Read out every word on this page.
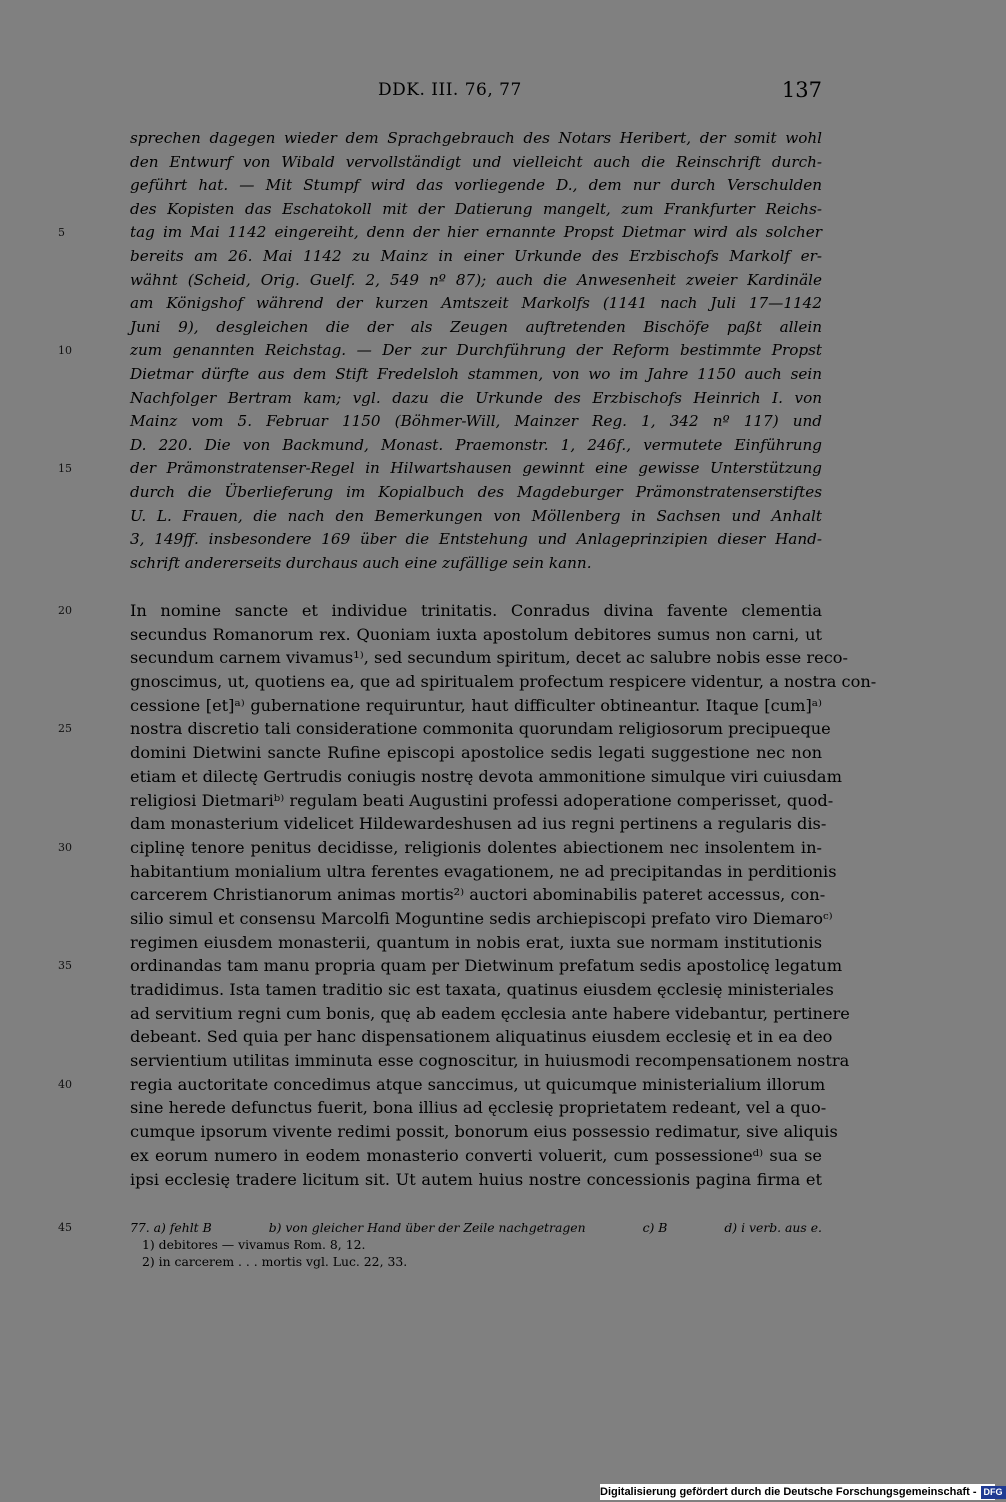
DDK. III. 76, 77	137
sprechen dagegen wieder dem Sprachgebrauch des Notars Heribert, der somit wohl
den Entwurf von Wibald vervollständigt und vielleicht auch die Reinschrift durch-
geführt hat. — Mit Stumpf wird das vorliegende D., dem nur durch Verschulden
des Kopisten das Eschatokoll mit der Datierung mangelt, zum Frankfurter Reichs-
5	tag im Mai 1142 eingereiht, denn der hier ernannte Propst Dietmar wird als solcher
bereits am 26. Mai 1142 zu Mainz in einer Urkunde des Erzbischofs Markolf er-
wähnt (Scheid, Orig. Guelf. 2, 549 nº 87); auch die Anwesenheit zweier Kardinäle
am Königshof während der kurzen Amtszeit Markolfs (1141 nach Juli 17—1142
Juni 9), desgleichen die der als Zeugen auftretenden Bischöfe paßt allein
10	zum genannten Reichstag. — Der zur Durchführung der Reform bestimmte Propst
Dietmar dürfte aus dem Stift Fredelsloh stammen, von wo im Jahre 1150 auch sein
Nachfolger Bertram kam; vgl. dazu die Urkunde des Erzbischofs Heinrich I. von
Mainz vom 5. Februar 1150 (Böhmer-Will, Mainzer Reg. 1, 342 nº 117) und
D. 220. Die von Backmund, Monast. Praemonstr. 1, 246f., vermutete Einführung
15	der Prämonstratenser-Regel in Hilwartshausen gewinnt eine gewisse Unterstützung
durch die Überlieferung im Kopialbuch des Magdeburger Prämonstratenserstiftes
U. L. Frauen, die nach den Bemerkungen von Möllenberg in Sachsen und Anhalt
3, 149ff. insbesondere 169 über die Entstehung und Anlageprinzipien dieser Hand-
schrift andererseits durchaus auch eine zufällige sein kann.
20	In nomine sancte et individue trinitatis. Conradus divina favente clementia
secundus Romanorum rex. Quoniam iuxta apostolum debitores sumus non carni, ut
secundum carnem vivamus¹⁾, sed secundum spiritum, decet ac salubre nobis esse reco-
gnoscimus, ut, quotiens ea, que ad spiritualem profectum respicere videntur, a nostra con-
cessione [et]ᵃ⁾ gubernatione requiruntur, haut difficulter obtineantur. Itaque [cum]ᵃ⁾
25	nostra discretio tali consideratione commonita quorundam religiosorum precipueque
domini Dietwini sancte Rufine episcopi apostolice sedis legati suggestione nec non
etiam et dilectę Gertrudis coniugis nostrę devota ammonitione simulque viri cuiusdam
religiosi Dietmariᵇ⁾ regulam beati Augustini professi adoperatione comperisset, quod-
dam monasterium videlicet Hildewardeshusen ad ius regni pertinens a regularis dis-
30	ciplinę tenore penitus decidisse, religionis dolentes abiectionem nec insolentem in-
habitantium monialium ultra ferentes evagationem, ne ad precipitandas in perditionis
carcerem Christianorum animas mortis²⁾ auctori abominabilis pateret accessus, con-
silio simul et consensu Marcolfi Moguntine sedis archiepiscopi prefato viro Diemaroᶜ⁾
regimen eiusdem monasterii, quantum in nobis erat, iuxta sue normam institutionis
35	ordinandas tam manu propria quam per Dietwinum prefatum sedis apostolicę legatum
tradidimus. Ista tamen traditio sic est taxata, quatinus eiusdem ęcclesię ministeriales
ad servitium regni cum bonis, quę ab eadem ęcclesia ante habere videbantur, pertinere
debeant. Sed quia per hanc dispensationem aliquatinus eiusdem ecclesię et in ea deo
servientium utilitas imminuta esse cognoscitur, in huiusmodi recompensationem nostra
40	regia auctoritate concedimus atque sanccimus, ut quicumque ministerialium illorum
sine herede defunctus fuerit, bona illius ad ęcclesię proprietatem redeant, vel a quo-
cumque ipsorum vivente redimi possit, bonorum eius possessio redimatur, sive aliquis
ex eorum numero in eodem monasterio converti voluerit, cum possessioneᵈ⁾ sua se
ipsi ecclesię tradere licitum sit. Ut autem huius nostre concessionis pagina firma et
45	77. a) fehlt B	b) von gleicher Hand über der Zeile nachgetragen	c) B	d) i verb. aus e.
1) debitores — vivamus Rom. 8, 12.
2) in carcerem . . . mortis vgl. Luc. 22, 33.
Digitalisierung gefördert durch die Deutsche Forschungsgemeinschaft - DFG
